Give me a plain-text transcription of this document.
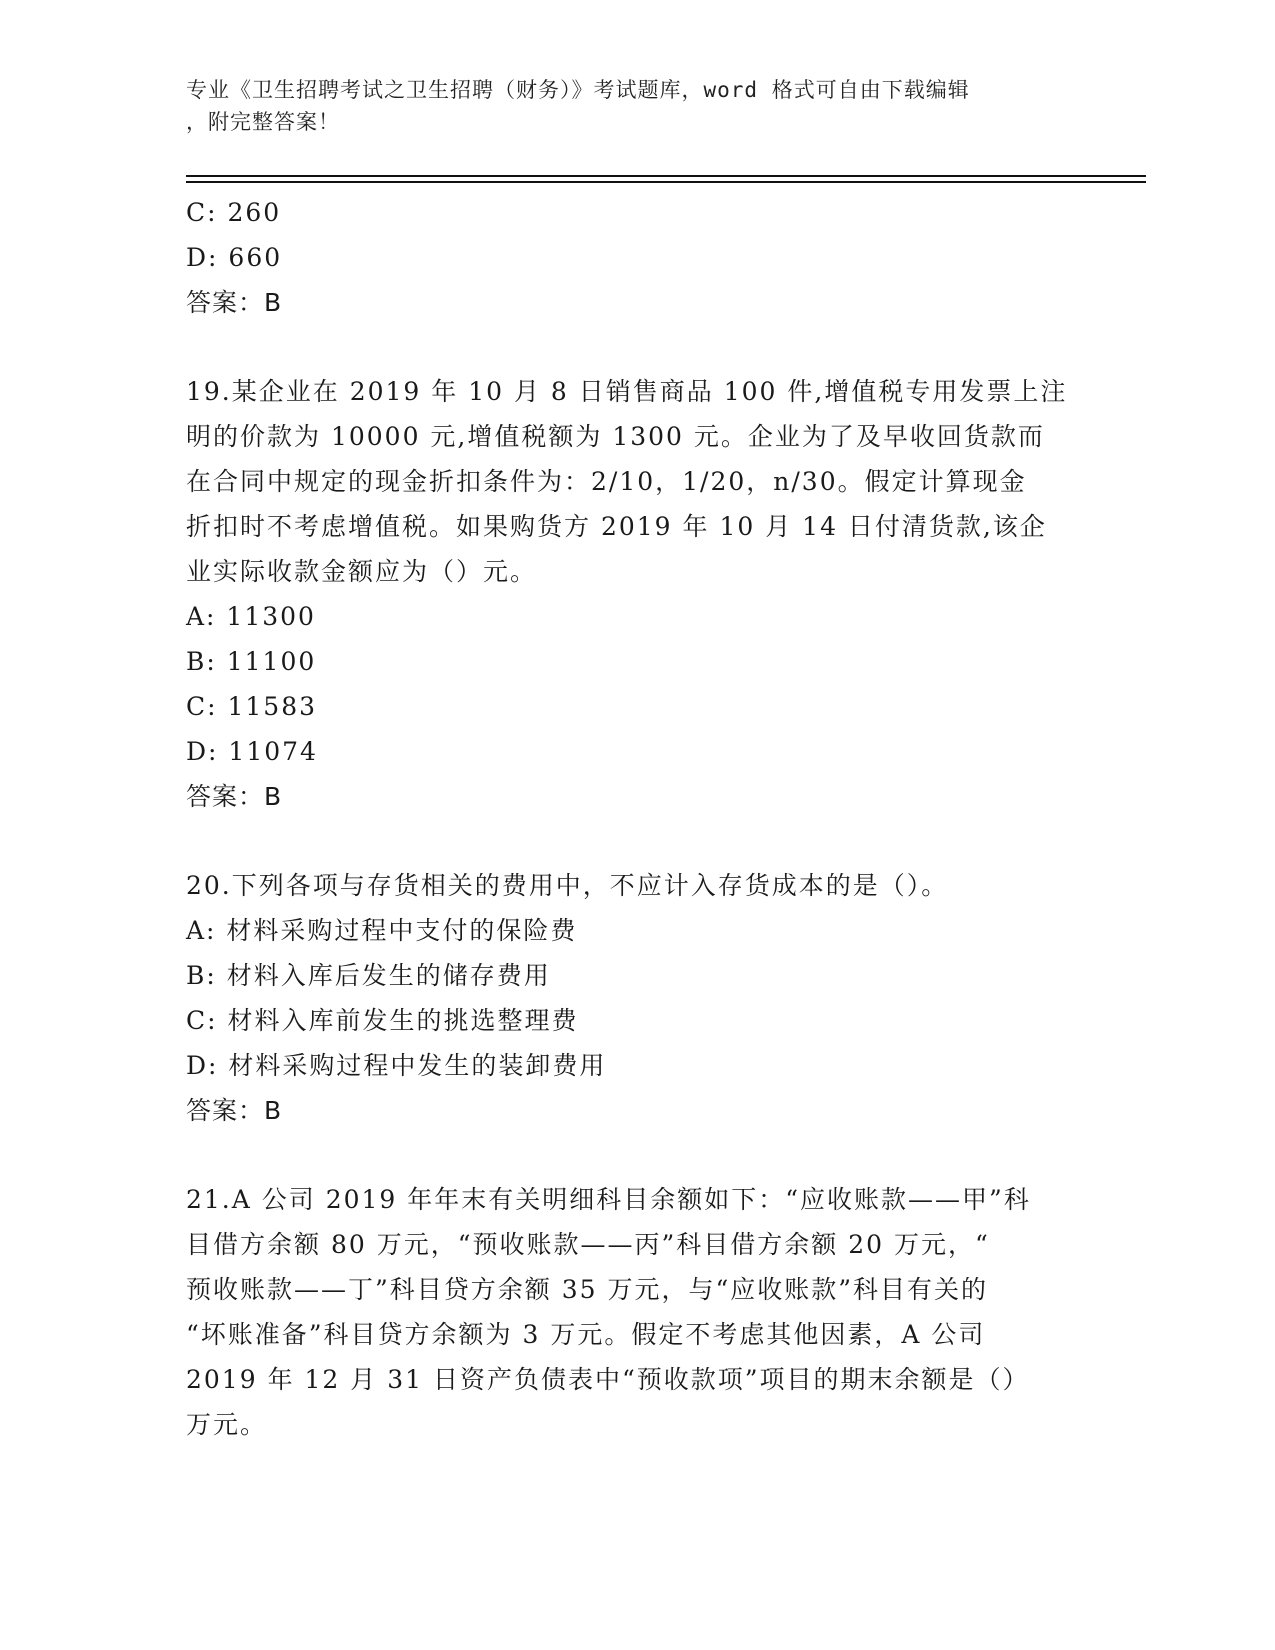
专业《卫生招聘考试之卫生招聘（财务）》考试题库，word 格式可自由下载编辑
，附完整答案！
C: 260
D: 660
答案：B
19.某企业在 2019 年 10 月 8 日销售商品 100 件,增值税专用发票上注
明的价款为 10000 元,增值税额为 1300 元。企业为了及早收回货款而
在合同中规定的现金折扣条件为：2/10，1/20，n/30。假定计算现金
折扣时不考虑增值税。如果购货方 2019 年 10 月 14 日付清货款,该企
业实际收款金额应为（）元。
A: 11300
B: 11100
C: 11583
D: 11074
答案：B
20.下列各项与存货相关的费用中，不应计入存货成本的是（）。
A: 材料采购过程中支付的保险费
B: 材料入库后发生的储存费用
C: 材料入库前发生的挑选整理费
D: 材料采购过程中发生的装卸费用
答案：B
21.A 公司 2019 年年末有关明细科目余额如下：“应收账款——甲”科
目借方余额 80 万元，“预收账款——丙”科目借方余额 20 万元，“
预收账款——丁”科目贷方余额 35 万元，与“应收账款”科目有关的
“坏账准备”科目贷方余额为 3 万元。假定不考虑其他因素，A 公司
2019 年 12 月 31 日资产负债表中“预收款项”项目的期末余额是（）
万元。
